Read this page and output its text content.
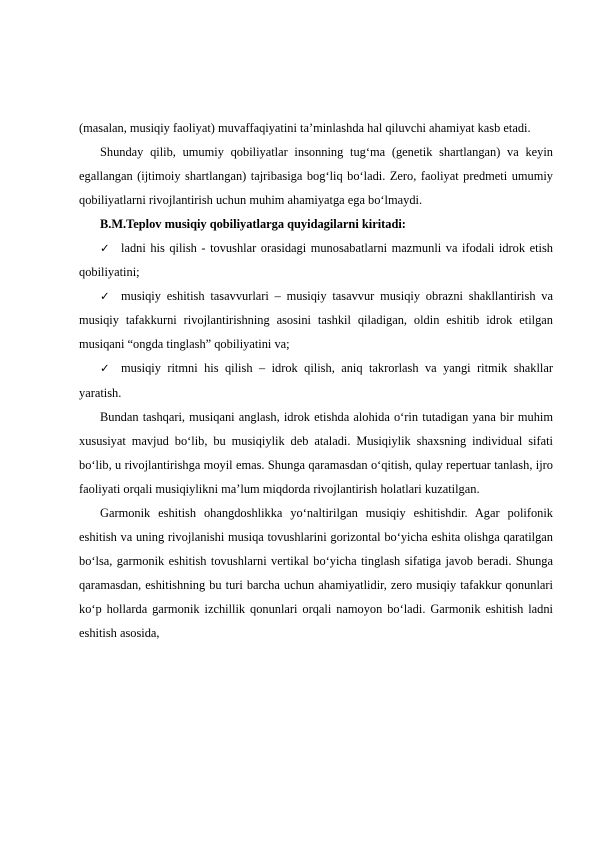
(masalan, musiqiy faoliyat) muvaffaqiyatini ta’minlashda hal qiluvchi ahamiyat kasb etadi.

Shunday qilib, umumiy qobiliyatlar insonning tug‘ma (genetik shartlangan) va keyin egallangan (ijtimoiy shartlangan) tajribasiga bog‘liq bo‘ladi. Zero, faoliyat predmeti umumiy qobiliyatlarni rivojlantirish uchun muhim ahamiyatga ega bo‘lmaydi.

B.M.Teplov musiqiy qobiliyatlarga quyidagilarni kiritadi:

✓ ladni his qilish - tovushlar orasidagi munosabatlarni mazmunli va ifodali idrok etish qobiliyatini;

✓ musiqiy eshitish tasavvurlari – musiqiy tasavvur musiqiy obrazni shakllantirish va musiqiy tafakkurni rivojlantirishning asosini tashkil qiladigan, oldin eshitib idrok etilgan musiqani “ongda tinglash” qobiliyatini va;

✓ musiqiy ritmni his qilish – idrok qilish, aniq takrorlash va yangi ritmik shakllar yaratish.

Bundan tashqari, musiqani anglash, idrok etishda alohida o‘rin tutadigan yana bir muhim xususiyat mavjud bo‘lib, bu musiqiylik deb ataladi. Musiqiylik shaxsning individual sifati bo‘lib, u rivojlantirishga moyil emas. Shunga qaramasdan o‘qitish, qulay repertuar tanlash, ijro faoliyati orqali musiqiylikni ma’lum miqdorda rivojlantirish holatlari kuzatilgan.

Garmonik eshitish ohangdoshlikka yo‘naltirilgan musiqiy eshitishdir. Agar polifonik eshitish va uning rivojlanishi musiqa tovushlarini gorizontal bo‘yicha eshita olishga qaratilgan bo‘lsa, garmonik eshitish tovushlarni vertikal bo‘yicha tinglash sifatiga javob beradi. Shunga qaramasdan, eshitishning bu turi barcha uchun ahamiyatlidir, zero musiqiy tafakkur qonunlari ko‘p hollarda garmonik izchillik qonunlari orqali namoyon bo‘ladi. Garmonik eshitish ladni eshitish asosida,
